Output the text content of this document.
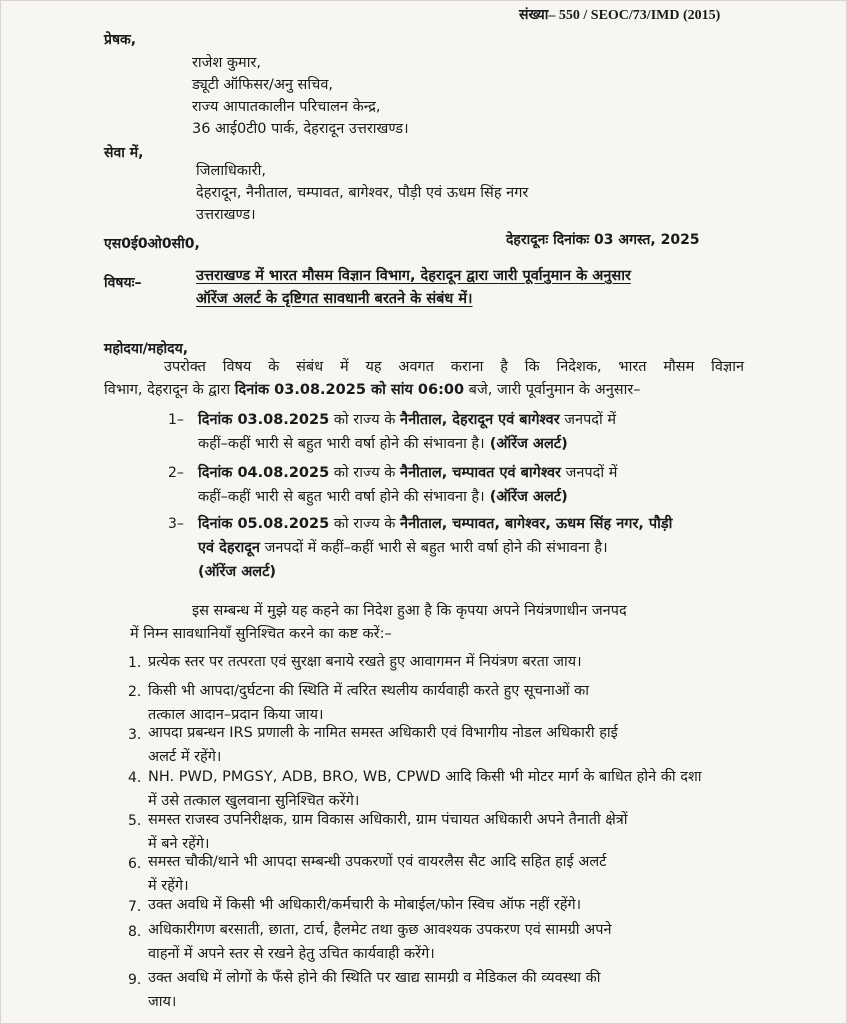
संख्या– 550 / SEOC/73/IMD (2015)
प्रेषक,
राजेश कुमार,
ड्यूटी ऑफिसर/अनु सचिव,
राज्य आपातकालीन परिचालन केन्द्र,
36 आई0टी0 पार्क, देहरादून उत्तराखण्ड।
सेवा में,
जिलाधिकारी,
देहरादून, नैनीताल, चम्पावत, बागेश्वर, पौड़ी एवं ऊधम सिंह नगर
उत्तराखण्ड।
एस0ई0ओ0सी0,	देहरादूनः दिनांकः 03 अगस्त, 2025
विषयः–	उत्तराखण्ड में भारत मौसम विज्ञान विभाग, देहरादून द्वारा जारी पूर्वानुमान के अनुसार
ऑरेंज अलर्ट के दृष्टिगत सावधानी बरतने के संबंध में।
महोदया/महोदय,
उपरोक्त विषय के संबंध में यह अवगत कराना है कि निदेशक, भारत मौसम विज्ञान
विभाग, देहरादून के द्वारा दिनांक 03.08.2025 को सांय 06:00 बजे, जारी पूर्वानुमान के अनुसार–
1– दिनांक 03.08.2025 को राज्य के नैनीताल, देहरादून एवं बागेश्वर जनपदों में
कहीं–कहीं भारी से बहुत भारी वर्षा होने की संभावना है। (ऑरेंज अलर्ट)
2– दिनांक 04.08.2025 को राज्य के नैनीताल, चम्पावत एवं बागेश्वर जनपदों में
कहीं–कहीं भारी से बहुत भारी वर्षा होने की संभावना है। (ऑरेंज अलर्ट)
3– दिनांक 05.08.2025 को राज्य के नैनीताल, चम्पावत, बागेश्वर, ऊधम सिंह नगर, पौड़ी
एवं देहरादून जनपदों में कहीं–कहीं भारी से बहुत भारी वर्षा होने की संभावना है।
(ऑरेंज अलर्ट)
इस सम्बन्ध में मुझे यह कहने का निदेश हुआ है कि कृपया अपने नियंत्रणाधीन जनपद
में निम्न सावधानियाँ सुनिश्चित करने का कष्ट करें:–
1. प्रत्येक स्तर पर तत्परता एवं सुरक्षा बनाये रखते हुए आवागमन में नियंत्रण बरता जाय।
2. किसी भी आपदा/दुर्घटना की स्थिति में त्वरित स्थलीय कार्यवाही करते हुए सूचनाओं का
तत्काल आदान–प्रदान किया जाय।
3. आपदा प्रबन्धन IRS प्रणाली के नामित समस्त अधिकारी एवं विभागीय नोडल अधिकारी हाई
अलर्ट में रहेंगे।
4. NH. PWD, PMGSY, ADB, BRO, WB, CPWD आदि किसी भी मोटर मार्ग के बाधित होने की दशा
में उसे तत्काल खुलवाना सुनिश्चित करेंगे।
5. समस्त राजस्व उपनिरीक्षक, ग्राम विकास अधिकारी, ग्राम पंचायत अधिकारी अपने तैनाती क्षेत्रों
में बने रहेंगे।
6. समस्त चौकी/थाने भी आपदा सम्बन्धी उपकरणों एवं वायरलैस सैट आदि सहित हाई अलर्ट
में रहेंगे।
7. उक्त अवधि में किसी भी अधिकारी/कर्मचारी के मोबाईल/फोन स्विच ऑफ नहीं रहेंगे।
8. अधिकारीगण बरसाती, छाता, टार्च, हैलमेट तथा कुछ आवश्यक उपकरण एवं सामग्री अपने
वाहनों में अपने स्तर से रखने हेतु उचित कार्यवाही करेंगे।
9. उक्त अवधि में लोगों के फँसे होने की स्थिति पर खाद्य सामग्री व मेडिकल की व्यवस्था की
जाय।
